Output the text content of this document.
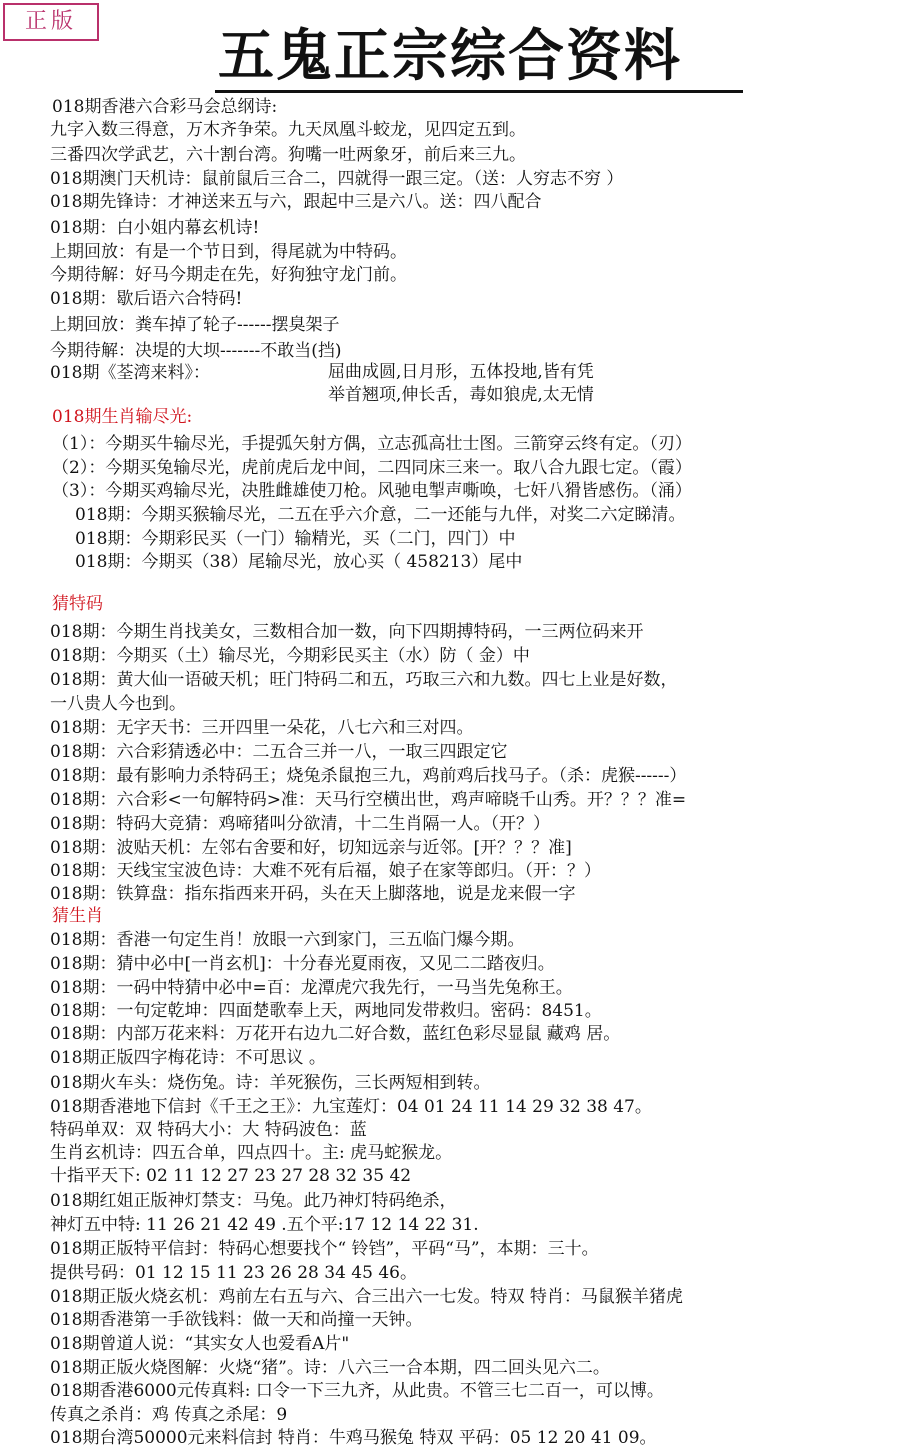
正版
五鬼正宗综合资料
018期香港六合彩马会总纲诗:
九字入数三得意，万木齐争荣。九天凤凰斗蛟龙，见四定五到。
三番四次学武艺，六十割台湾。狗嘴一吐两象牙，前后来三九。
018期澳门天机诗：鼠前鼠后三合二，四就得一跟三定。（送：人穷志不穷 ）
018期先锋诗：才神送来五与六，跟起中三是六八。送：四八配合
018期：白小姐内幕玄机诗!
上期回放：有是一个节日到，得尾就为中特码。
今期待解：好马今期走在先，好狗独守龙门前。
018期：歇后语六合特码!
上期回放：粪车掉了轮子------摆臭架子
今期待解：决堤的大坝-------不敢当(挡)
018期《荃湾来料》：	屈曲成圆,日月形，五体投地,皆有凭
举首翘项,伸长舌，毒如狼虎,太无情
018期生肖输尽光:
（1）：今期买牛输尽光，手提弧矢射方偶，立志孤高壮士图。三箭穿云终有定。（刃）
（2）：今期买兔输尽光，虎前虎后龙中间，二四同床三来一。取八合九跟七定。（霞）
（3）：今期买鸡输尽光，决胜雌雄使刀枪。风驰电掣声嘶唤，七奸八猾皆感伤。（涌）
018期：今期买猴输尽光，二五在乎六介意，二一还能与九伴，对奖二六定睇清。
018期：今期彩民买（一门）输精光，买（二门，四门）中
018期：今期买（38）尾输尽光，放心买（ 458213）尾中
猜特码
018期：今期生肖找美女，三数相合加一数，向下四期搏特码，一三两位码来开
018期：今期买（土）输尽光，今期彩民买主（水）防（ 金）中
018期：黄大仙一语破天机；旺门特码二和五，巧取三六和九数。四七上业是好数，
一八贵人今也到。
018期：无字天书：三开四里一朵花，八七六和三对四。
018期：六合彩猜透必中：二五合三并一八，一取三四跟定它
018期：最有影响力杀特码王；烧兔杀鼠抱三九，鸡前鸡后找马子。（杀：虎猴------）
018期：六合彩<一句解特码>准：天马行空横出世，鸡声啼晓千山秀。开？？？准=
018期：特码大竞猜：鸡啼猪叫分欲清，十二生肖隔一人。（开？）
018期：波贴天机：左邻右舍要和好，切知远亲与近邻。[开？？？准]
018期：天线宝宝波色诗：大难不死有后福，娘子在家等郎归。（开：？）
018期：铁算盘：指东指西来开码，头在天上脚落地，说是龙来假一字
猜生肖
018期：香港一句定生肖！放眼一六到家门，三五临门爆今期。
018期：猜中必中[一肖玄机]：十分春光夏雨夜，又见二二踏夜归。
018期：一码中特猜中必中=百：龙潭虎穴我先行，一马当先兔称王。
018期：一句定乾坤：四面楚歌奉上天，两地同发带救归。密码：8451。
018期：内部万花来料：万花开右边九二好合数，蓝红色彩尽显鼠 藏鸡 居。
018期正版四字梅花诗：不可思议 。
018期火车头：烧伤兔。诗：羊死猴伤，三长两短相到转。
018期香港地下信封《千王之王》：九宝莲灯：04 01 24 11 14 29 32 38 47。
特码单双：双 特码大小：大 特码波色：蓝
生肖玄机诗：四五合单，四点四十。主: 虎马蛇猴龙。
十指平天下: 02 11 12 27 23 27 28 32 35 42
018期红姐正版神灯禁支：马兔。此乃神灯特码绝杀，
神灯五中特: 11 26 21 42 49 .五个平:17 12 14 22 31.
018期正版特平信封：特码心想要找个“ 铃铛”，平码“马”，本期：三十。
提供号码：01 12 15 11 23 26 28 34 45 46。
018期正版火烧玄机：鸡前左右五与六、合三出六一七发。特双 特肖：马鼠猴羊猪虎
018期香港第一手欲钱料：做一天和尚撞一天钟。
018期曾道人说：“其实女人也爱看A片"
018期正版火烧图解：火烧“猪”。诗：八六三一合本期，四二回头见六二。
018期香港6000元传真料: 口令一下三九齐，从此贵。不管三七二百一，可以博。
传真之杀肖：鸡 传真之杀尾：9
018期台湾50000元来料信封 特肖：牛鸡马猴兔 特双 平码：05 12 20 41 09。
